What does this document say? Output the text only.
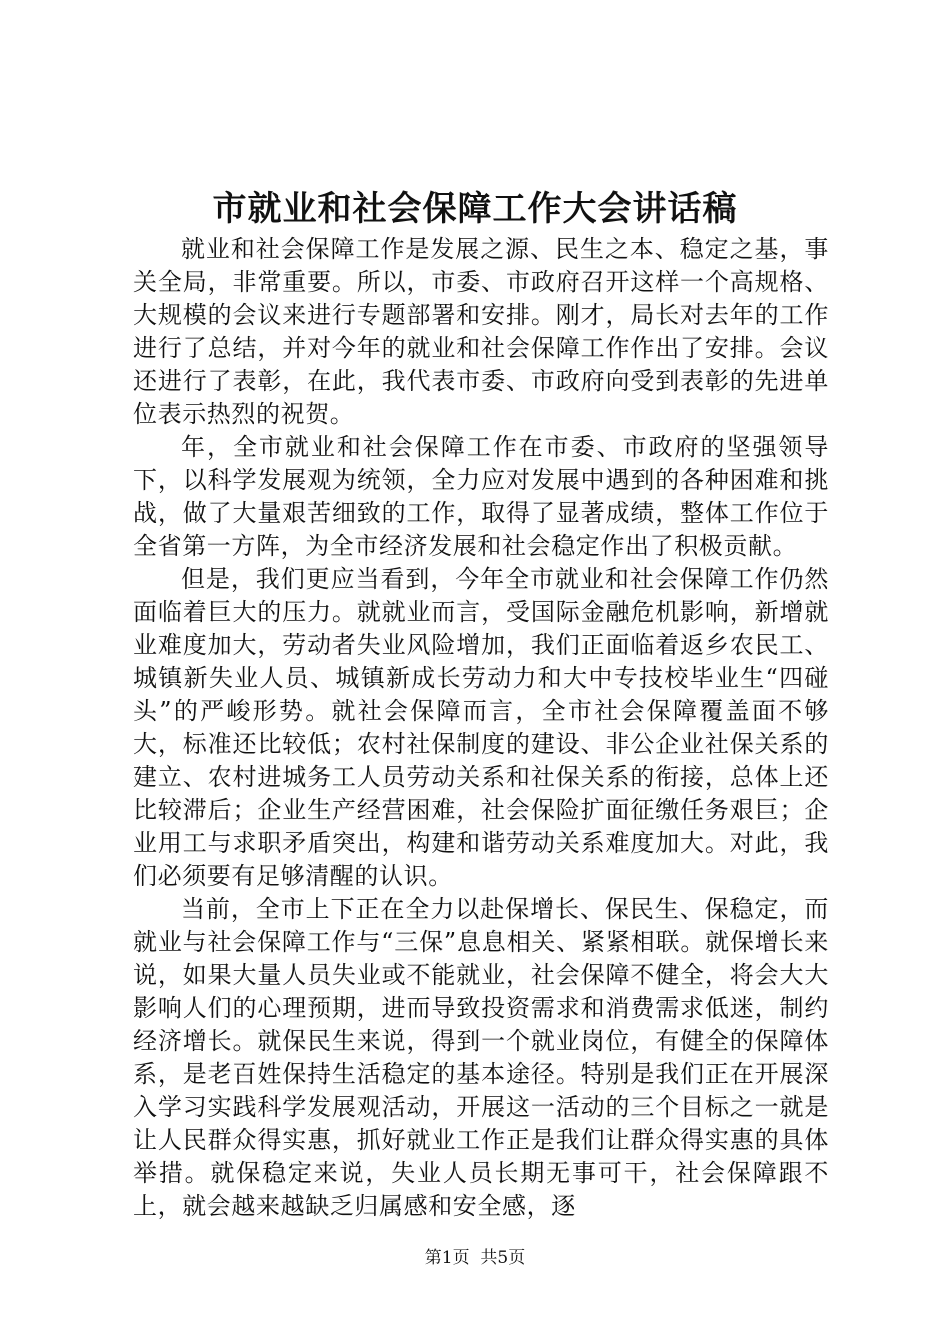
市就业和社会保障工作大会讲话稿

就业和社会保障工作是发展之源、民生之本、稳定之基，事关全局，非常重要。所以，市委、市政府召开这样一个高规格、大规模的会议来进行专题部署和安排。刚才，局长对去年的工作进行了总结，并对今年的就业和社会保障工作作出了安排。会议还进行了表彰，在此，我代表市委、市政府向受到表彰的先进单位表示热烈的祝贺。

年，全市就业和社会保障工作在市委、市政府的坚强领导下，以科学发展观为统领，全力应对发展中遇到的各种困难和挑战，做了大量艰苦细致的工作，取得了显著成绩，整体工作位于全省第一方阵，为全市经济发展和社会稳定作出了积极贡献。

但是，我们更应当看到，今年全市就业和社会保障工作仍然面临着巨大的压力。就就业而言，受国际金融危机影响，新增就业难度加大，劳动者失业风险增加，我们正面临着返乡农民工、城镇新失业人员、城镇新成长劳动力和大中专技校毕业生“四碰头”的严峻形势。就社会保障而言，全市社会保障覆盖面不够大，标准还比较低；农村社保制度的建设、非公企业社保关系的建立、农村进城务工人员劳动关系和社保关系的衔接，总体上还比较滞后；企业生产经营困难，社会保险扩面征缴任务艰巨；企业用工与求职矛盾突出，构建和谐劳动关系难度加大。对此，我们必须要有足够清醒的认识。

当前，全市上下正在全力以赴保增长、保民生、保稳定，而就业与社会保障工作与“三保”息息相关、紧紧相联。就保增长来说，如果大量人员失业或不能就业，社会保障不健全，将会大大影响人们的心理预期，进而导致投资需求和消费需求低迷，制约经济增长。就保民生来说，得到一个就业岗位，有健全的保障体系，是老百姓保持生活稳定的基本途径。特别是我们正在开展深入学习实践科学发展观活动，开展这一活动的三个目标之一就是让人民群众得实惠，抓好就业工作正是我们让群众得实惠的具体举措。就保稳定来说，失业人员长期无事可干，社会保障跟不上，就会越来越缺乏归属感和安全感，逐

第1页  共5页
